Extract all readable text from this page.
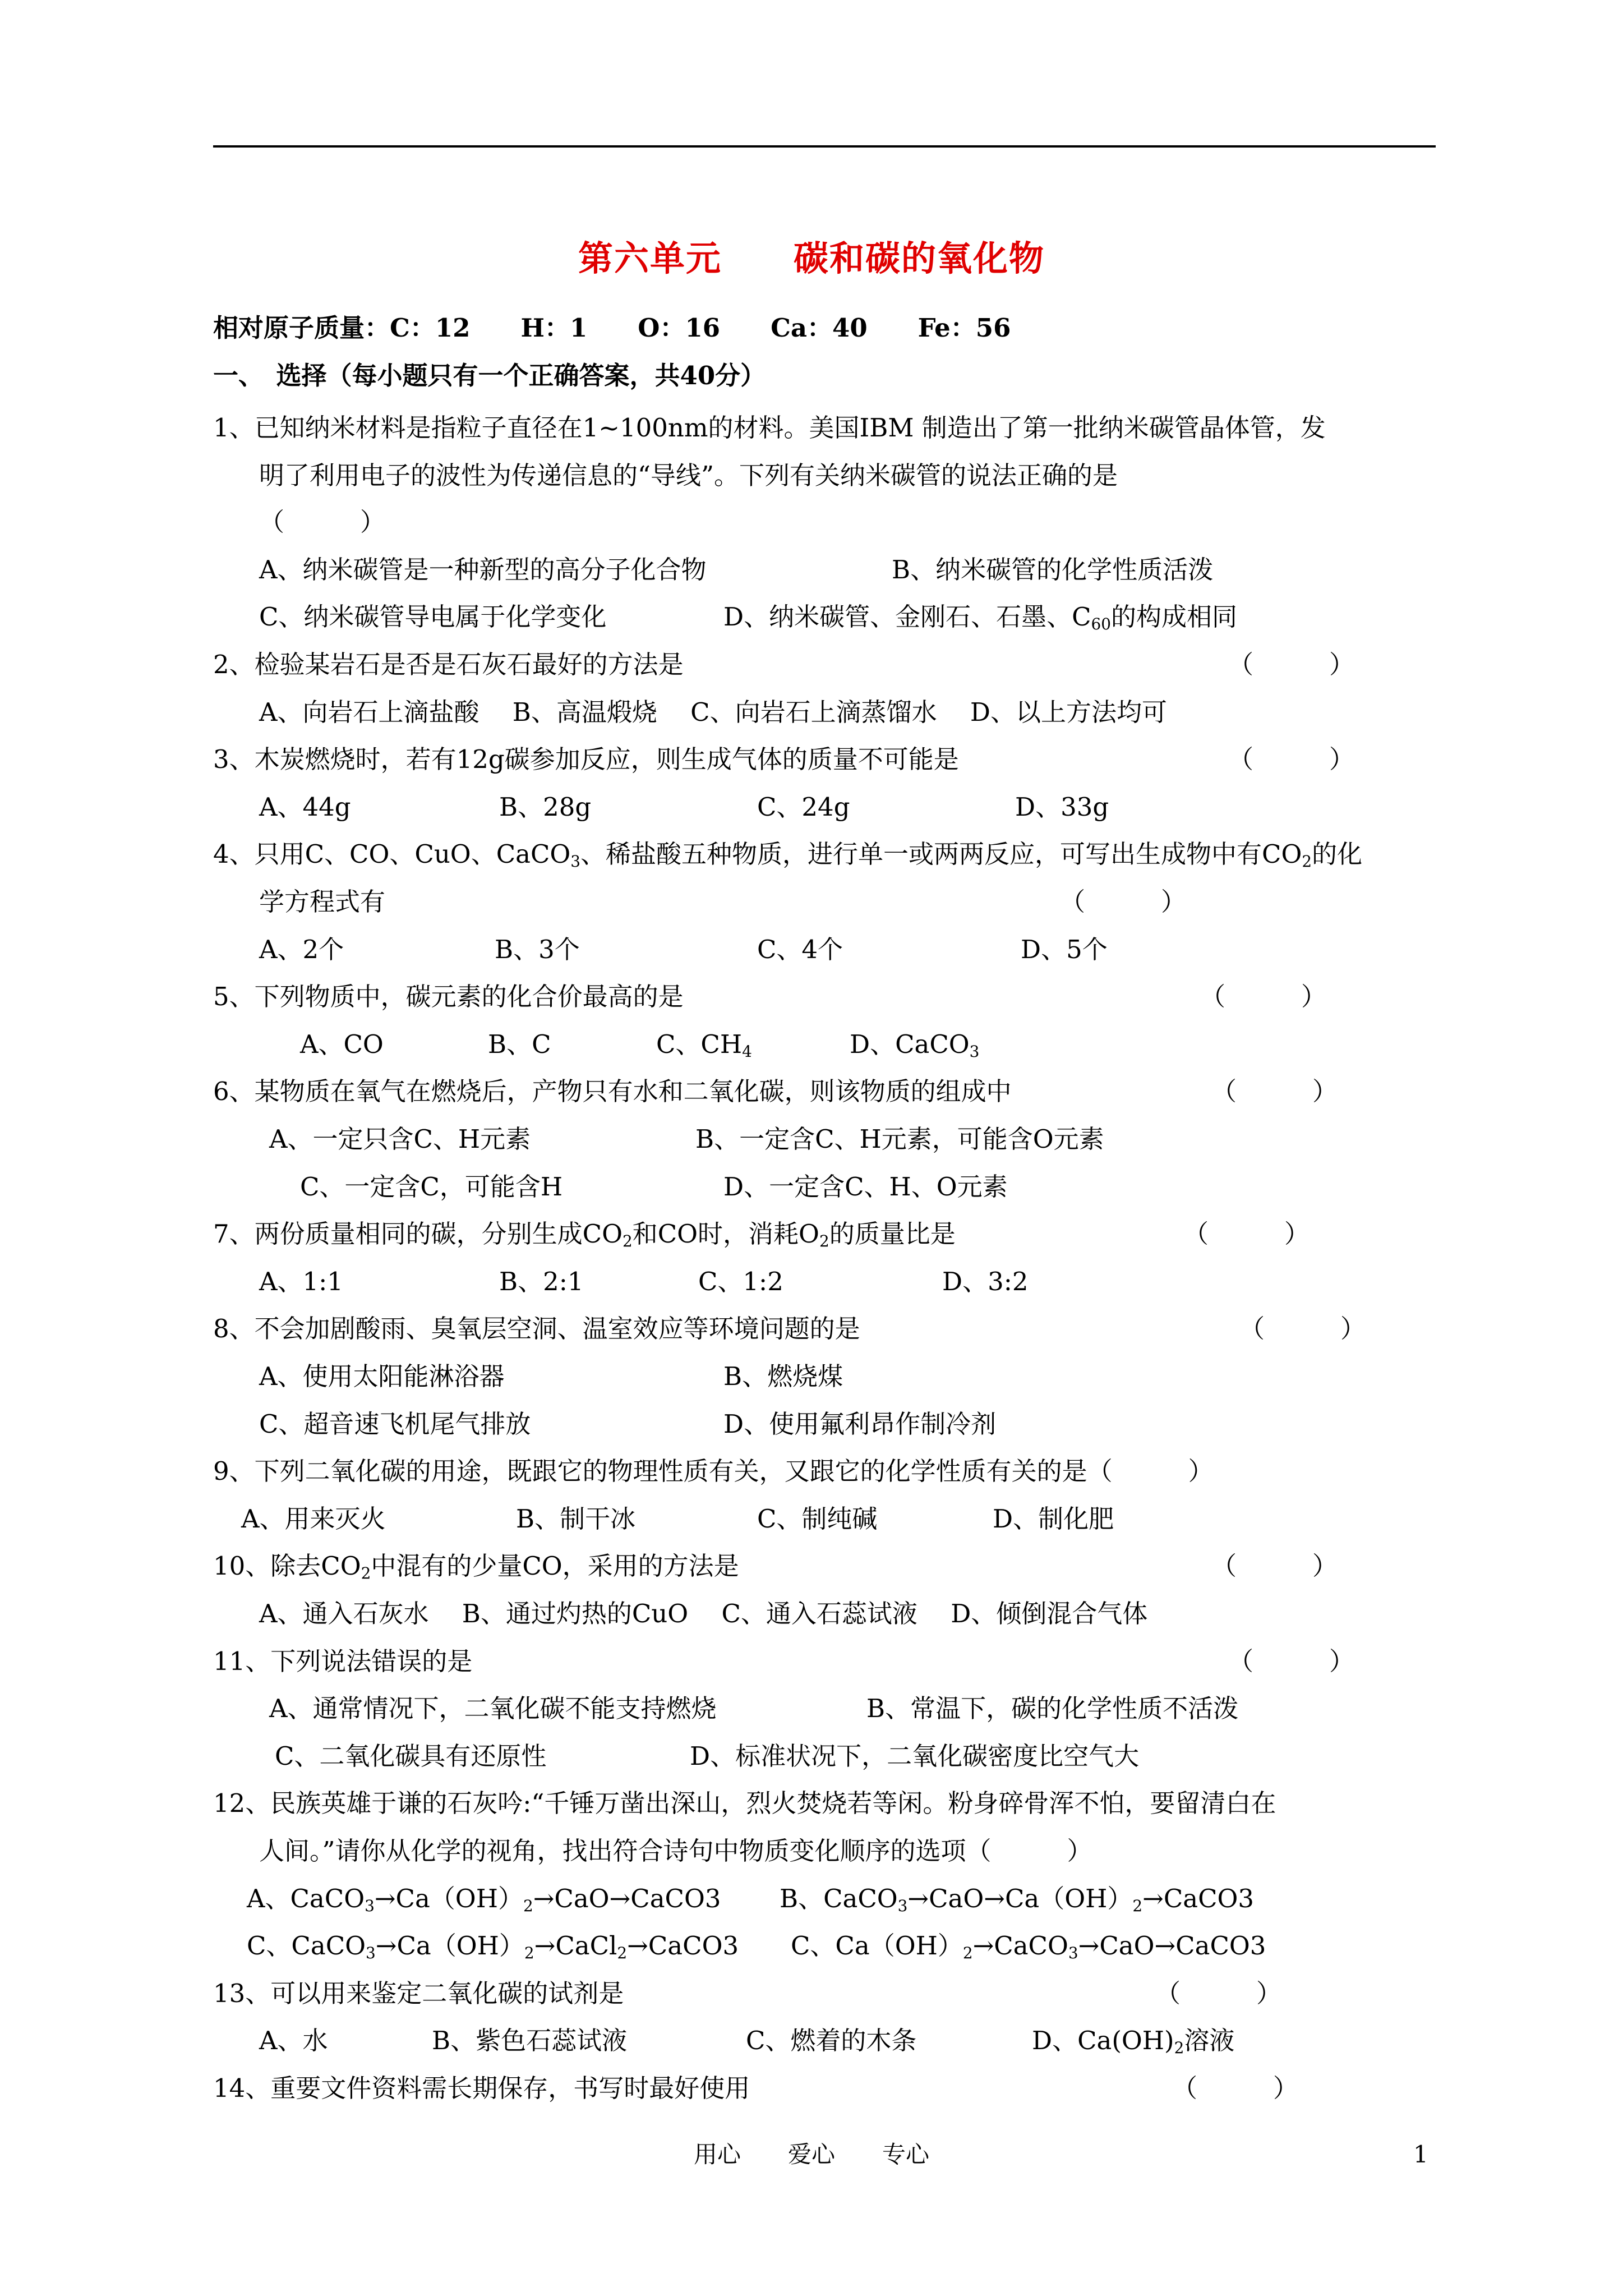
第六单元　　碳和碳的氧化物
相对原子质量：C：12　　H：1　　O：16　　Ca：40　　Fe：56
一、　选择（每小题只有一个正确答案，共40分）
1、已知纳米材料是指粒子直径在1~100nm的材料。美国IBM 制造出了第一批纳米碳管晶体管，发
明了利用电子的波性为传递信息的“导线”。下列有关纳米碳管的说法正确的是
（　　　）
A、纳米碳管是一种新型的高分子化合物	B、纳米碳管的化学性质活泼
C、纳米碳管导电属于化学变化	D、纳米碳管、金刚石、石墨、$C_{60}$的构成相同
2、检验某岩石是否是石灰石最好的方法是	（　　　）
A、向岩石上滴盐酸　 B、高温煅烧　 C、向岩石上滴蒸馏水　 D、以上方法均可
3、木炭燃烧时，若有12g碳参加反应，则生成气体的质量不可能是	（　　　）
A、44g	B、28g	C、24g	D、33g
4、只用C、CO、CuO、CaCO$_3$、稀盐酸五种物质，进行单一或两两反应，可写出生成物中有$CO_2$的化
学方程式有	（　　　）
A、2个	B、3个	C、4个	D、5个
5、下列物质中，碳元素的化合价最高的是	（　　　）
A、CO	B、C	C、$CH_4$	D、CaCO$_3$
6、某物质在氧气在燃烧后，产物只有水和二氧化碳，则该物质的组成中	（　　　）
A、一定只含C、H元素	B、一定含C、H元素，可能含O元素
C、一定含C，可能含H	D、一定含C、H、O元素
7、两份质量相同的碳，分别生成$CO_2$和CO时，消耗$O_2$的质量比是	（　　　）
A、1:1	B、2:1	C、1:2	D、3:2
8、不会加剧酸雨、臭氧层空洞、温室效应等环境问题的是	（　　　）
A、使用太阳能淋浴器	B、燃烧煤
C、超音速飞机尾气排放	D、使用氟利昂作制冷剂
9、下列二氧化碳的用途，既跟它的物理性质有关，又跟它的化学性质有关的是（　　　）
A、用来灭火	B、制干冰	C、制纯碱	D、制化肥
10、除去$CO_2$中混有的少量CO，采用的方法是	（　　　）
A、通入石灰水　 B、通过灼热的CuO　 C、通入石蕊试液　 D、倾倒混合气体
11、下列说法错误的是	（　　　）
A、通常情况下，二氧化碳不能支持燃烧	B、常温下，碳的化学性质不活泼
C、二氧化碳具有还原性	D、标准状况下，二氧化碳密度比空气大
12、民族英雄于谦的石灰吟:“千锤万凿出深山，烈火焚烧若等闲。粉身碎骨浑不怕，要留清白在
人间。”请你从化学的视角，找出符合诗句中物质变化顺序的选项（　　　）
A、$CaCO_3\to Ca(OH)_2\to CaO\to CaCO3$ B、$CaCO_3\to CaO\to Ca(OH)_2\to CaCO3$
C、$CaCO_3\to Ca(OH)_2\to CaCl_2\to CaCO3$ C、$Ca(OH)_2\to CaCO_3\to CaO\to CaCO3$
13、可以用来鉴定二氧化碳的试剂是	（　　　）
A、水	B、紫色石蕊试液	C、燃着的木条	D、$Ca(OH)_2$溶液
14、重要文件资料需长期保存，书写时最好使用	（　　　）
用心　　爱心　　专心	1
